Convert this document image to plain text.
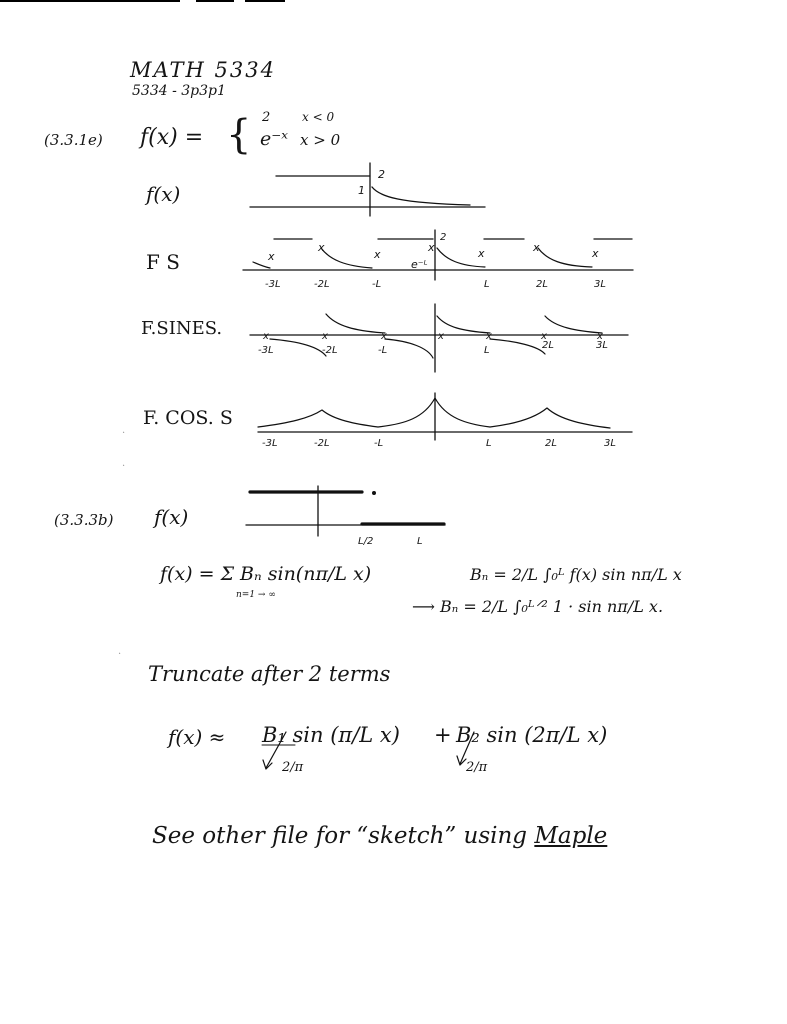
MATH 5334
5334 - 3p3p1
(3.3.1e) f(x) = { 2	x < 0
e⁻ˣ x > 0
f(x)
F S
F.SINES.
F. COS. S
(3.3.3b) f(x)
f(x) = Σ Bₙ sin(nπ/L x)
n=1 → ∞
Bₙ = 2/L ∫₀ᴸ f(x) sin nπ/L x
⟶ Bₙ = 2/L ∫₀ᴸᐟ² 1 · sin nπ/L x.
Truncate after 2 terms
f(x) ≈ B₁ sin (π/L x) + B₂ sin (2π/L x)
2/π	2/π
See other file for “sketch” using Maple
2
1
x
x
x
x	x	x	x
2
e⁻ᴸ
-3L	-2L	-L	L	2L	3L
x	x	x	x	x	x	x
-3L	-2L	-L	L	2L	3L
-3L	-2L	-L	L	2L	3L
L/2	L
.
.
.
